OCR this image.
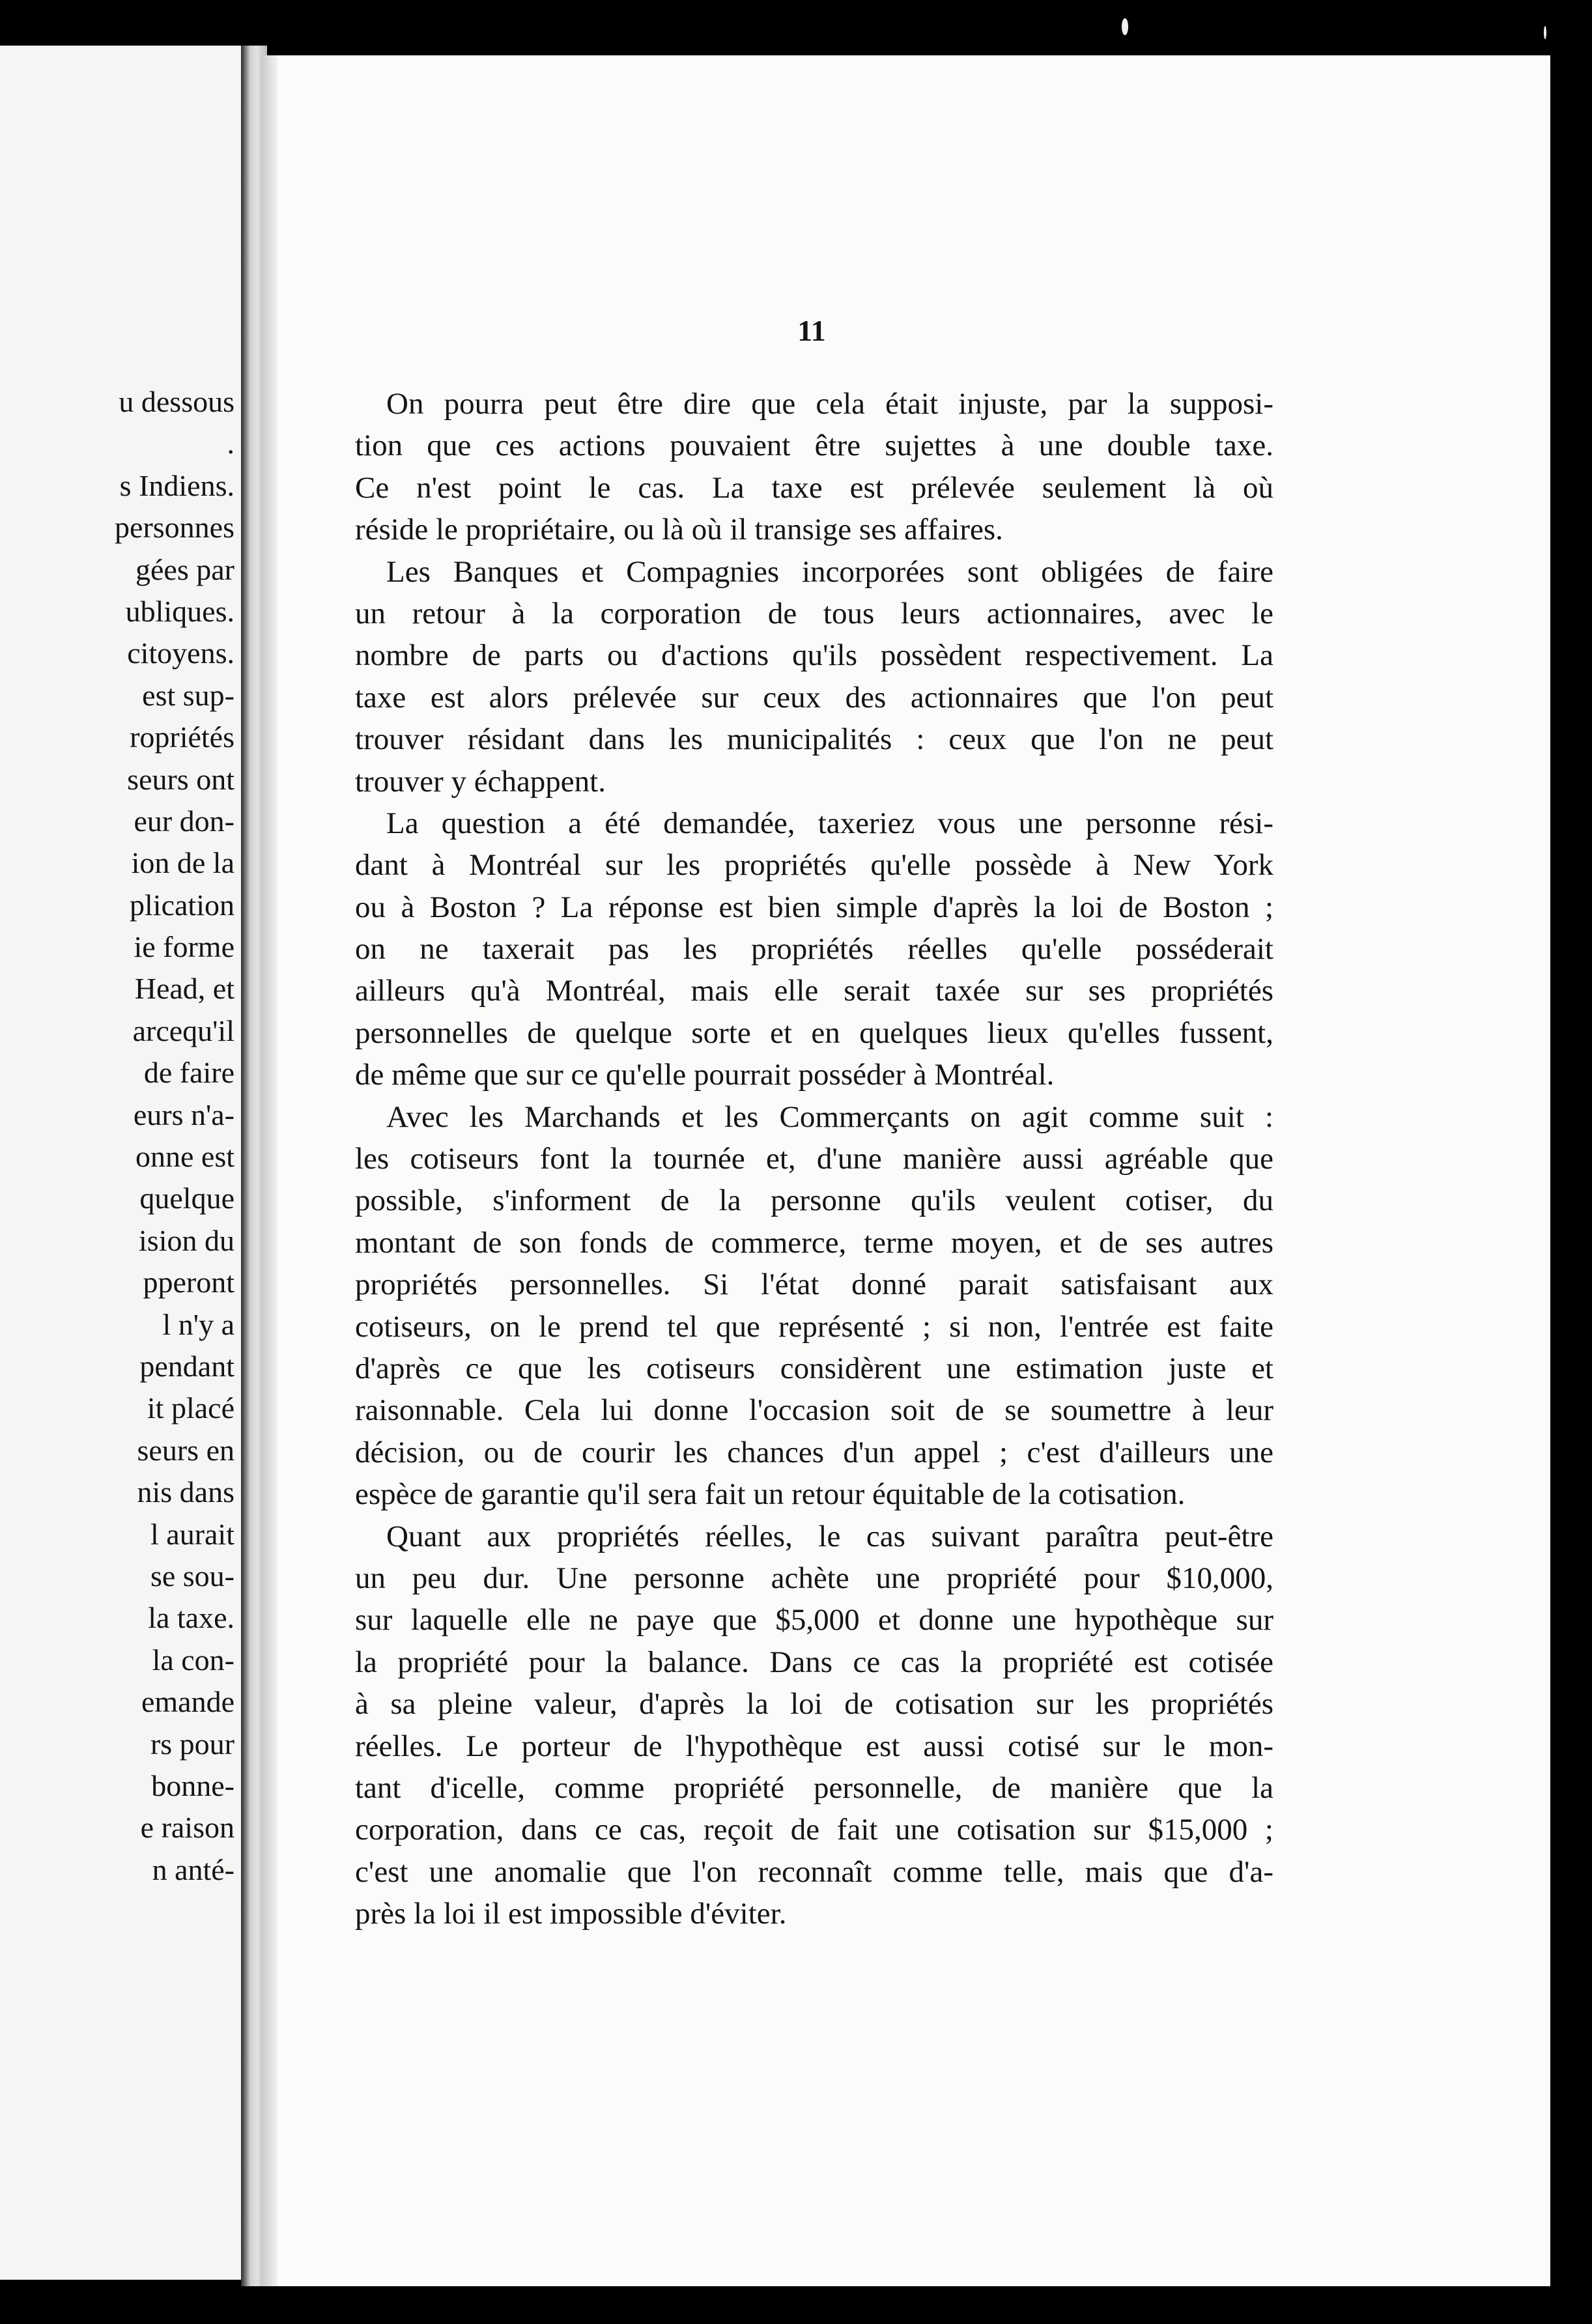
u dessous
.
s Indiens.
personnes
gées par
ubliques.
citoyens.
est sup-
ropriétés
seurs ont
eur don-
ion de la
plication
ie forme
Head, et
arcequ'il
de faire
eurs n'a-
onne est
quelque
ision du
pperont
l n'y a
pendant
it placé
seurs en
nis dans
l aurait
se sou-
la taxe.
la con-
emande
rs pour
bonne-
e raison
n anté-
11
On pourra peut être dire que cela était injuste, par la supposi-
tion que ces actions pouvaient être sujettes à une double taxe.
Ce n'est point le cas. La taxe est prélevée seulement là où
réside le propriétaire, ou là où il transige ses affaires.
Les Banques et Compagnies incorporées sont obligées de faire
un retour à la corporation de tous leurs actionnaires, avec le
nombre de parts ou d'actions qu'ils possèdent respectivement. La
taxe est alors prélevée sur ceux des actionnaires que l'on peut
trouver résidant dans les municipalités : ceux que l'on ne peut
trouver y échappent.
La question a été demandée, taxeriez vous une personne rési-
dant à Montréal sur les propriétés qu'elle possède à New York
ou à Boston ? La réponse est bien simple d'après la loi de Boston ;
on ne taxerait pas les propriétés réelles qu'elle posséderait
ailleurs qu'à Montréal, mais elle serait taxée sur ses propriétés
personnelles de quelque sorte et en quelques lieux qu'elles fussent,
de même que sur ce qu'elle pourrait posséder à Montréal.
Avec les Marchands et les Commerçants on agit comme suit :
les cotiseurs font la tournée et, d'une manière aussi agréable que
possible, s'informent de la personne qu'ils veulent cotiser, du
montant de son fonds de commerce, terme moyen, et de ses autres
propriétés personnelles. Si l'état donné parait satisfaisant aux
cotiseurs, on le prend tel que représenté ; si non, l'entrée est faite
d'après ce que les cotiseurs considèrent une estimation juste et
raisonnable. Cela lui donne l'occasion soit de se soumettre à leur
décision, ou de courir les chances d'un appel ; c'est d'ailleurs une
espèce de garantie qu'il sera fait un retour équitable de la cotisation.
Quant aux propriétés réelles, le cas suivant paraîtra peut-être
un peu dur. Une personne achète une propriété pour $10,000,
sur laquelle elle ne paye que $5,000 et donne une hypothèque sur
la propriété pour la balance. Dans ce cas la propriété est cotisée
à sa pleine valeur, d'après la loi de cotisation sur les propriétés
réelles. Le porteur de l'hypothèque est aussi cotisé sur le mon-
tant d'icelle, comme propriété personnelle, de manière que la
corporation, dans ce cas, reçoit de fait une cotisation sur $15,000 ;
c'est une anomalie que l'on reconnaît comme telle, mais que d'a-
près la loi il est impossible d'éviter.
